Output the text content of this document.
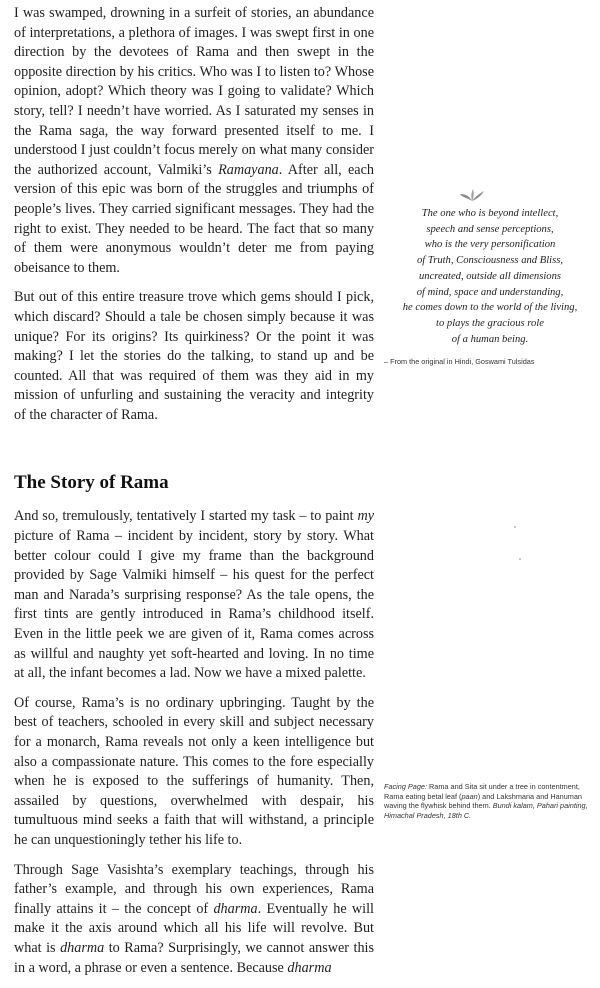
I was swamped, drowning in a surfeit of stories, an abundance of interpretations, a plethora of images. I was swept first in one direction by the devotees of Rama and then swept in the opposite direction by his critics. Who was I to listen to? Whose opinion, adopt? Which theory was I going to validate? Which story, tell? I needn’t have worried. As I saturated my senses in the Rama saga, the way forward presented itself to me. I understood I just couldn’t focus merely on what many consider the authorized account, Valmiki’s Ramayana. After all, each version of this epic was born of the struggles and triumphs of people’s lives. They carried significant messages. They had the right to exist. They needed to be heard. The fact that so many of them were anonymous wouldn’t deter me from paying obeisance to them.

But out of this entire treasure trove which gems should I pick, which discard? Should a tale be chosen simply because it was unique? For its origins? Its quirkiness? Or the point it was making? I let the stories do the talking, to stand up and be counted. All that was required of them was they aid in my mission of unfurling and sustaining the veracity and integrity of the character of Rama.

The Story of Rama

And so, tremulously, tentatively I started my task – to paint my picture of Rama – incident by incident, story by story. What better colour could I give my frame than the background provided by Sage Valmiki himself – his quest for the perfect man and Narada’s surprising response? As the tale opens, the first tints are gently introduced in Rama’s childhood itself. Even in the little peek we are given of it, Rama comes across as willful and naughty yet soft-hearted and loving. In no time at all, the infant becomes a lad. Now we have a mixed palette.

Of course, Rama’s is no ordinary upbringing. Taught by the best of teachers, schooled in every skill and subject necessary for a monarch, Rama reveals not only a keen intelligence but also a compassionate nature. This comes to the fore especially when he is exposed to the sufferings of humanity. Then, assailed by questions, overwhelmed with despair, his tumultuous mind seeks a faith that will withstand, a principle he can unquestioningly tether his life to.

Through Sage Vasishta’s exemplary teachings, through his father’s example, and through his own experiences, Rama finally attains it – the concept of dharma. Eventually he will make it the axis around which all his life will revolve. But what is dharma to Rama? Surprisingly, we cannot answer this in a word, a phrase or even a sentence. Because dharma

The one who is beyond intellect,
speech and sense perceptions,
who is the very personification
of Truth, Consciousness and Bliss,
uncreated, outside all dimensions
of mind, space and understanding,
he comes down to the world of the living,
to plays the gracious role
of a human being.
– From the original in Hindi, Goswami Tulsidas
Facing Page: Rama and Sita sit under a tree in contentment, Rama eating betal leaf (paan) and Lakshmana and Hanuman waving the flywhisk behind them. Bundi kalam, Pahari painting, Himachal Pradesh, 18th C.
